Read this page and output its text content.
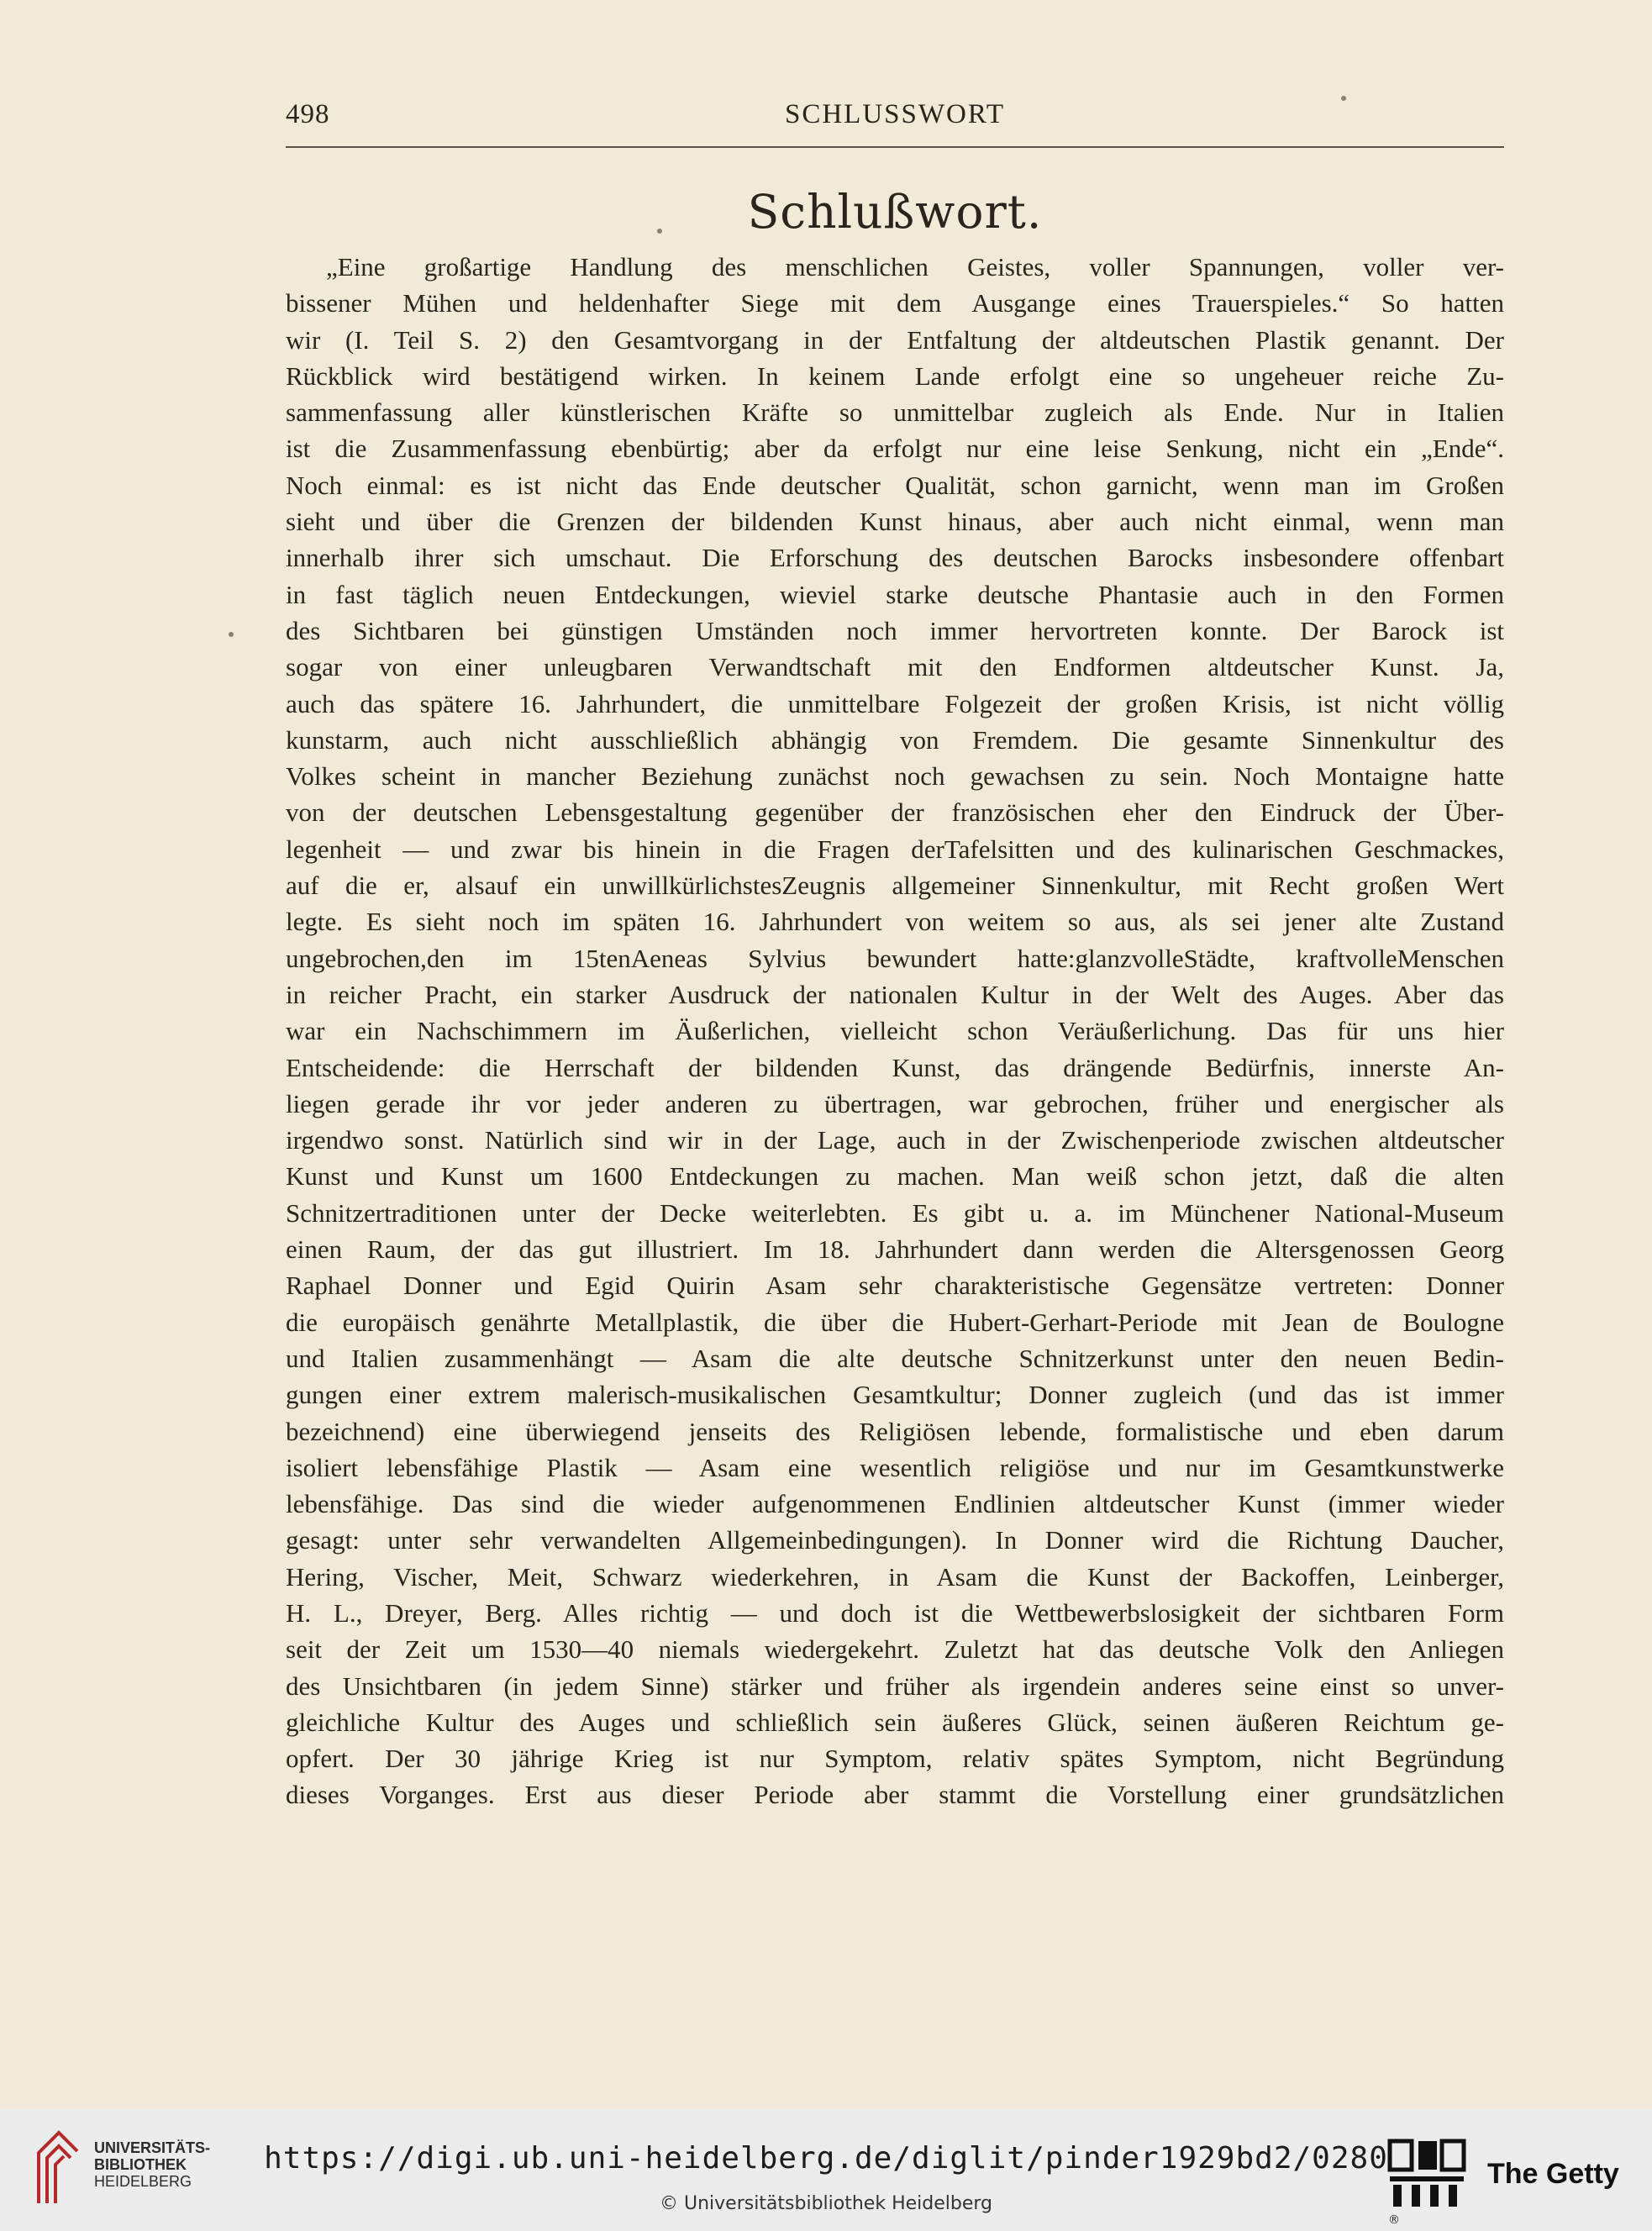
498	SCHLUSSWORT
Schlußwort.
„Eine großartige Handlung des menschlichen Geistes, voller Spannungen, voller ver-
bissener Mühen und heldenhafter Siege mit dem Ausgange eines Trauerspieles.“ So hatten
wir (I. Teil S. 2) den Gesamtvorgang in der Entfaltung der altdeutschen Plastik genannt. Der
Rückblick wird bestätigend wirken. In keinem Lande erfolgt eine so ungeheuer reiche Zu-
sammenfassung aller künstlerischen Kräfte so unmittelbar zugleich als Ende. Nur in Italien
ist die Zusammenfassung ebenbürtig; aber da erfolgt nur eine leise Senkung, nicht ein „Ende“.
Noch einmal: es ist nicht das Ende deutscher Qualität, schon garnicht, wenn man im Großen
sieht und über die Grenzen der bildenden Kunst hinaus, aber auch nicht einmal, wenn man
innerhalb ihrer sich umschaut. Die Erforschung des deutschen Barocks insbesondere offenbart
in fast täglich neuen Entdeckungen, wieviel starke deutsche Phantasie auch in den Formen
des Sichtbaren bei günstigen Umständen noch immer hervortreten konnte. Der Barock ist
sogar von einer unleugbaren Verwandtschaft mit den Endformen altdeutscher Kunst. Ja,
auch das spätere 16. Jahrhundert, die unmittelbare Folgezeit der großen Krisis, ist nicht völlig
kunstarm, auch nicht ausschließlich abhängig von Fremdem. Die gesamte Sinnenkultur des
Volkes scheint in mancher Beziehung zunächst noch gewachsen zu sein. Noch Montaigne hatte
von der deutschen Lebensgestaltung gegenüber der französischen eher den Eindruck der Über-
legenheit — und zwar bis hinein in die Fragen derTafelsitten und des kulinarischen Geschmackes,
auf die er, alsauf ein unwillkürlichstesZeugnis allgemeiner Sinnenkultur, mit Recht großen Wert
legte. Es sieht noch im späten 16. Jahrhundert von weitem so aus, als sei jener alte Zustand
ungebrochen,den im 15tenAeneas Sylvius bewundert hatte:glanzvolleStädte, kraftvolleMenschen
in reicher Pracht, ein starker Ausdruck der nationalen Kultur in der Welt des Auges. Aber das
war ein Nachschimmern im Äußerlichen, vielleicht schon Veräußerlichung. Das für uns hier
Entscheidende: die Herrschaft der bildenden Kunst, das drängende Bedürfnis, innerste An-
liegen gerade ihr vor jeder anderen zu übertragen, war gebrochen, früher und energischer als
irgendwo sonst. Natürlich sind wir in der Lage, auch in der Zwischenperiode zwischen altdeutscher
Kunst und Kunst um 1600 Entdeckungen zu machen. Man weiß schon jetzt, daß die alten
Schnitzertraditionen unter der Decke weiterlebten. Es gibt u. a. im Münchener National-Museum
einen Raum, der das gut illustriert. Im 18. Jahrhundert dann werden die Altersgenossen Georg
Raphael Donner und Egid Quirin Asam sehr charakteristische Gegensätze vertreten: Donner
die europäisch genährte Metallplastik, die über die Hubert-Gerhart-Periode mit Jean de Boulogne
und Italien zusammenhängt — Asam die alte deutsche Schnitzerkunst unter den neuen Bedin-
gungen einer extrem malerisch-musikalischen Gesamtkultur; Donner zugleich (und das ist immer
bezeichnend) eine überwiegend jenseits des Religiösen lebende, formalistische und eben darum
isoliert lebensfähige Plastik — Asam eine wesentlich religiöse und nur im Gesamtkunstwerke
lebensfähige. Das sind die wieder aufgenommenen Endlinien altdeutscher Kunst (immer wieder
gesagt: unter sehr verwandelten Allgemeinbedingungen). In Donner wird die Richtung Daucher,
Hering, Vischer, Meit, Schwarz wiederkehren, in Asam die Kunst der Backoffen, Leinberger,
H. L., Dreyer, Berg. Alles richtig — und doch ist die Wettbewerbslosigkeit der sichtbaren Form
seit der Zeit um 1530—40 niemals wiedergekehrt. Zuletzt hat das deutsche Volk den Anliegen
des Unsichtbaren (in jedem Sinne) stärker und früher als irgendein anderes seine einst so unver-
gleichliche Kultur des Auges und schließlich sein äußeres Glück, seinen äußeren Reichtum ge-
opfert. Der 30 jährige Krieg ist nur Symptom, relativ spätes Symptom, nicht Begründung
dieses Vorganges. Erst aus dieser Periode aber stammt die Vorstellung einer grundsätzlichen
UNIVERSITÄTS-
BIBLIOTHEK
HEIDELBERG
https://digi.ub.uni-heidelberg.de/diglit/pinder1929bd2/0280
© Universitätsbibliothek Heidelberg
The Getty
®
